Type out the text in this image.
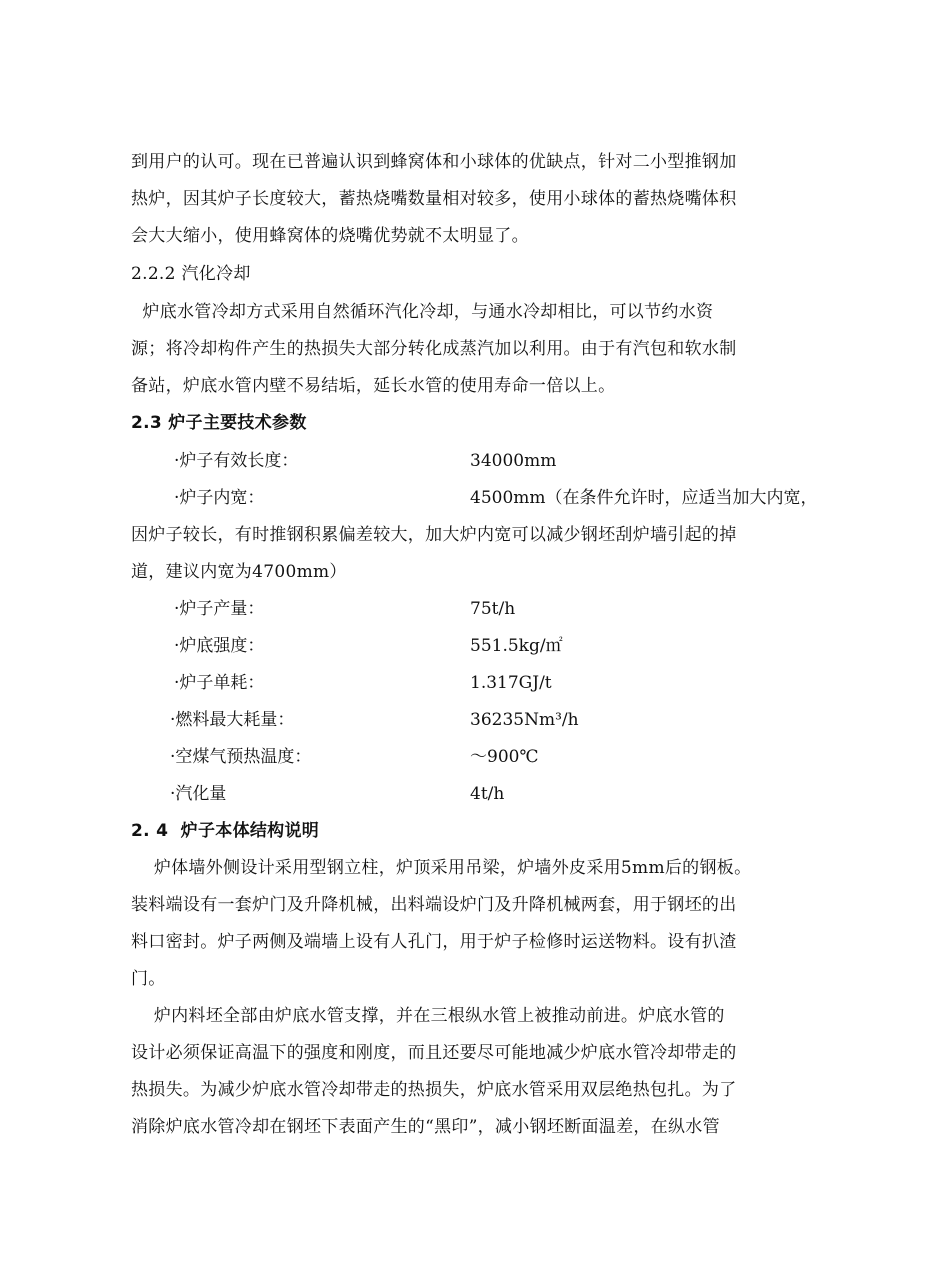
到用户的认可。现在已普遍认识到蜂窝体和小球体的优缺点，针对二小型推钢加
热炉，因其炉子长度较大，蓄热烧嘴数量相对较多，使用小球体的蓄热烧嘴体积
会大大缩小，使用蜂窝体的烧嘴优势就不太明显了。
2.2.2 汽化冷却
炉底水管冷却方式采用自然循环汽化冷却，与通水冷却相比，可以节约水资
源；将冷却构件产生的热损失大部分转化成蒸汽加以利用。由于有汽包和软水制
备站，炉底水管内壁不易结垢，延长水管的使用寿命一倍以上。
2.3 炉子主要技术参数
·炉子有效长度：	34000mm
·炉子内宽：	4500mm（在条件允许时，应适当加大内宽，
因炉子较长，有时推钢积累偏差较大，加大炉内宽可以减少钢坯刮炉墙引起的掉
道，建议内宽为4700mm）
·炉子产量：	75t/h
·炉底强度：	551.5kg/㎡
·炉子单耗：	1.317GJ/t
·燃料最大耗量：	36235Nm³/h
·空煤气预热温度：	～900℃
·汽化量	4t/h
2. 4  炉子本体结构说明
炉体墙外侧设计采用型钢立柱，炉顶采用吊梁，炉墙外皮采用5mm后的钢板。
装料端设有一套炉门及升降机械，出料端设炉门及升降机械两套，用于钢坯的出
料口密封。炉子两侧及端墙上设有人孔门，用于炉子检修时运送物料。设有扒渣
门。
炉内料坯全部由炉底水管支撑，并在三根纵水管上被推动前进。炉底水管的
设计必须保证高温下的强度和刚度，而且还要尽可能地减少炉底水管冷却带走的
热损失。为减少炉底水管冷却带走的热损失，炉底水管采用双层绝热包扎。为了
消除炉底水管冷却在钢坯下表面产生的“黑印”，减小钢坯断面温差，在纵水管
